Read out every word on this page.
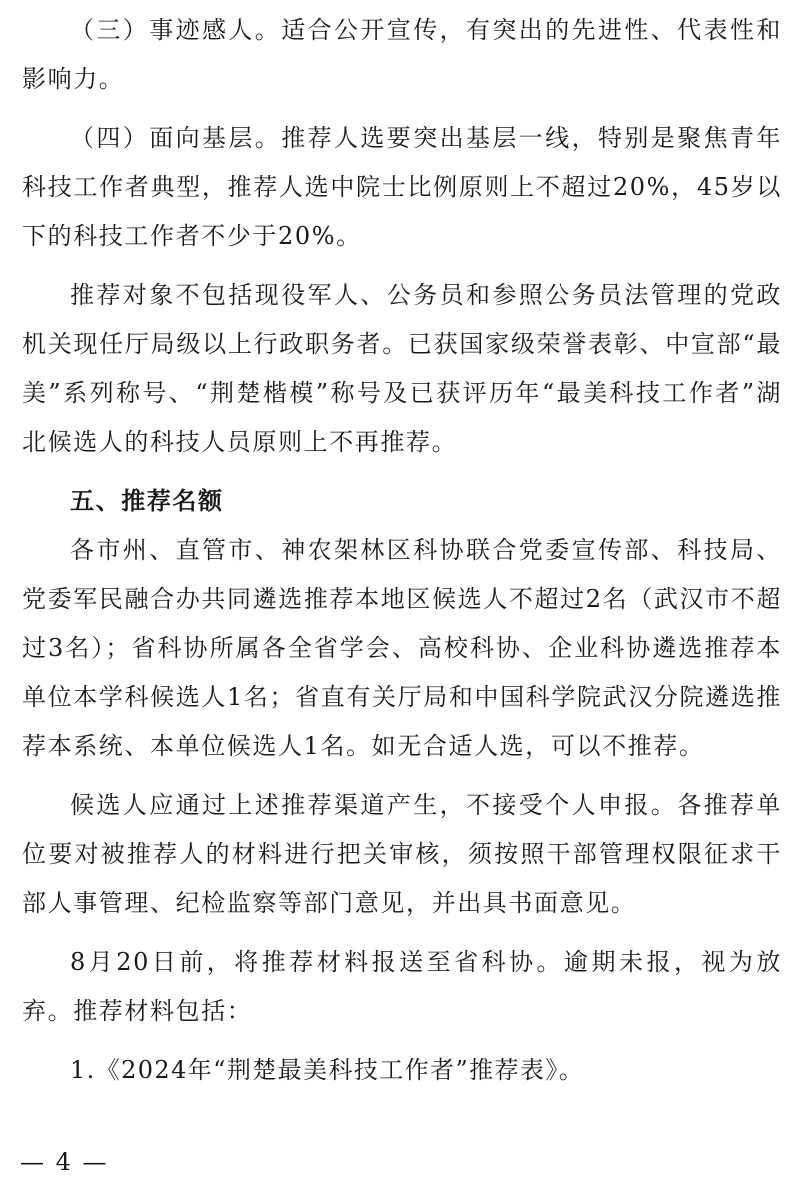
（三）事迹感人。适合公开宣传，有突出的先进性、代表性和影响力。

（四）面向基层。推荐人选要突出基层一线，特别是聚焦青年科技工作者典型，推荐人选中院士比例原则上不超过20%，45岁以下的科技工作者不少于20%。

推荐对象不包括现役军人、公务员和参照公务员法管理的党政机关现任厅局级以上行政职务者。已获国家级荣誉表彰、中宣部“最美”系列称号、“荆楚楷模”称号及已获评历年“最美科技工作者”湖北候选人的科技人员原则上不再推荐。

五、推荐名额

各市州、直管市、神农架林区科协联合党委宣传部、科技局、党委军民融合办共同遴选推荐本地区候选人不超过2名（武汉市不超过3名）；省科协所属各全省学会、高校科协、企业科协遴选推荐本单位本学科候选人1名；省直有关厅局和中国科学院武汉分院遴选推荐本系统、本单位候选人1名。如无合适人选，可以不推荐。

候选人应通过上述推荐渠道产生，不接受个人申报。各推荐单位要对被推荐人的材料进行把关审核，须按照干部管理权限征求干部人事管理、纪检监察等部门意见，并出具书面意见。

8月20日前，将推荐材料报送至省科协。逾期未报，视为放弃。推荐材料包括：

1.《2024年“荆楚最美科技工作者”推荐表》。

— 4 —
